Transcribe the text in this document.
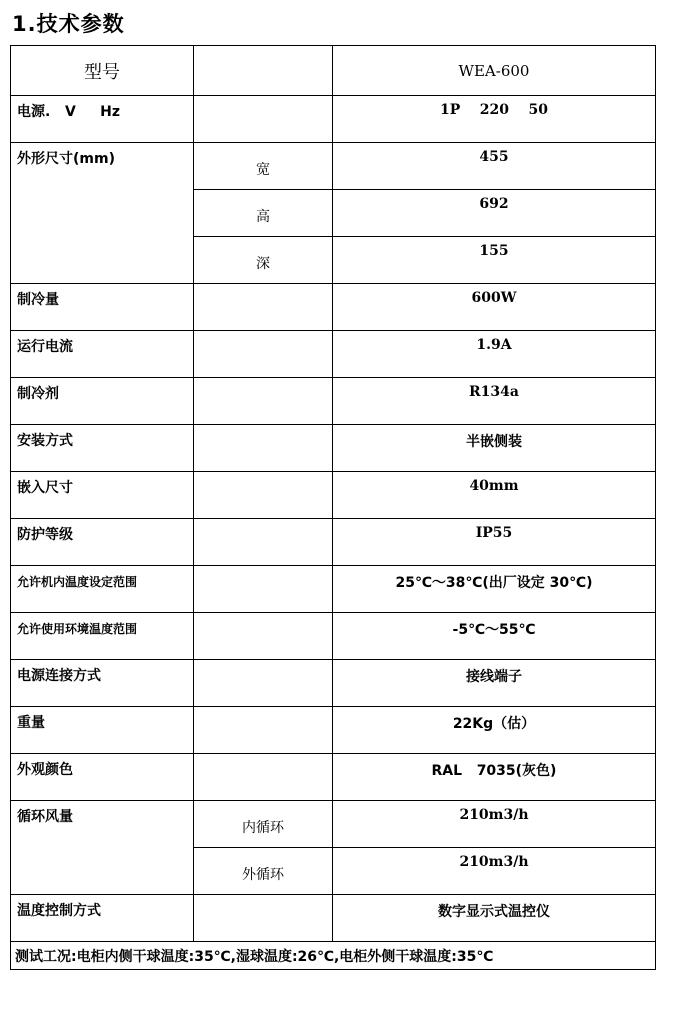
1.技术参数
型号		WEA-600
电源.   V     Hz		1P    220    50
外形尺寸(mm)	宽	455
	高	692
	深	155
制冷量		600W
运行电流		1.9A
制冷剂		R134a
安装方式		半嵌侧装
嵌入尺寸		40mm
防护等级		IP55
允许机内温度设定范围		25℃～38℃(出厂设定 30℃)
允许使用环境温度范围		-5℃～55℃
电源连接方式		接线端子
重量		22Kg（估）
外观颜色		RAL   7035(灰色)
循环风量	内循环	210m3/h
	外循环	210m3/h
温度控制方式		数字显示式温控仪
测试工况:电柜内侧干球温度:35℃,湿球温度:26℃,电柜外侧干球温度:35℃		
